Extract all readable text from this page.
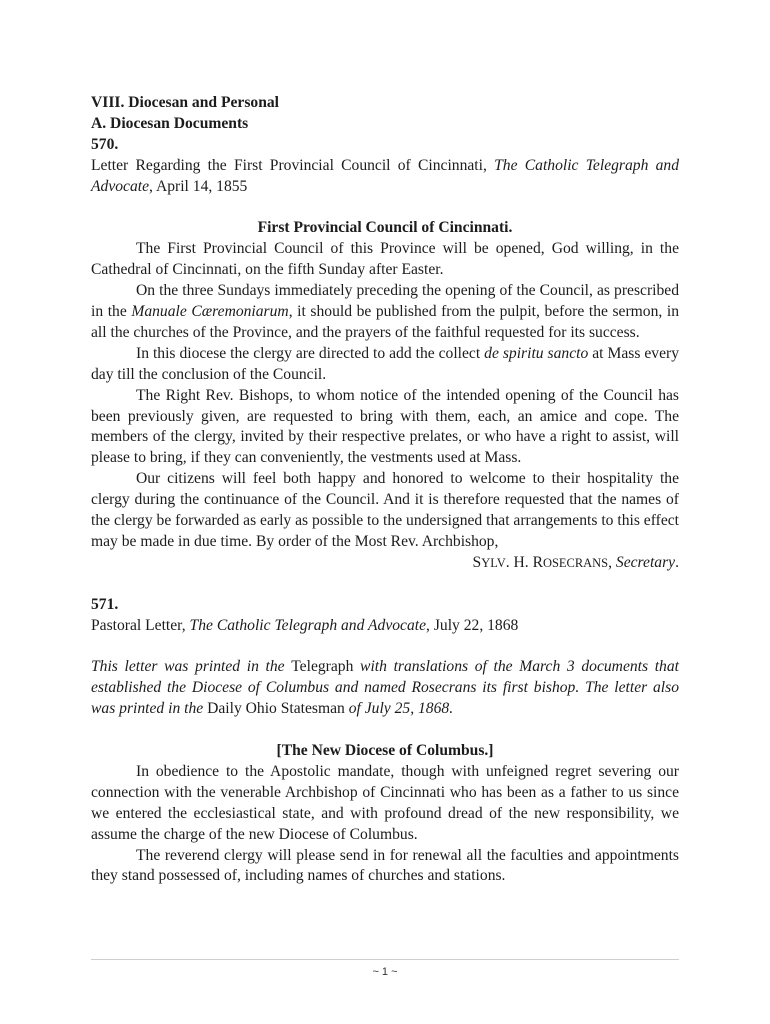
VIII. Diocesan and Personal
A. Diocesan Documents
570.
Letter Regarding the First Provincial Council of Cincinnati, The Catholic Telegraph and Advocate, April 14, 1855
First Provincial Council of Cincinnati.
The First Provincial Council of this Province will be opened, God willing, in the Cathedral of Cincinnati, on the fifth Sunday after Easter.
On the three Sundays immediately preceding the opening of the Council, as prescribed in the Manuale Cæremoniarum, it should be published from the pulpit, before the sermon, in all the churches of the Province, and the prayers of the faithful requested for its success.
In this diocese the clergy are directed to add the collect de spiritu sancto at Mass every day till the conclusion of the Council.
The Right Rev. Bishops, to whom notice of the intended opening of the Council has been previously given, are requested to bring with them, each, an amice and cope. The members of the clergy, invited by their respective prelates, or who have a right to assist, will please to bring, if they can conveniently, the vestments used at Mass.
Our citizens will feel both happy and honored to welcome to their hospitality the clergy during the continuance of the Council. And it is therefore requested that the names of the clergy be forwarded as early as possible to the undersigned that arrangements to this effect may be made in due time. By order of the Most Rev. Archbishop,
SYLV. H. ROSECRANS, Secretary.
571.
Pastoral Letter, The Catholic Telegraph and Advocate, July 22, 1868
This letter was printed in the Telegraph with translations of the March 3 documents that established the Diocese of Columbus and named Rosecrans its first bishop. The letter also was printed in the Daily Ohio Statesman of July 25, 1868.
[The New Diocese of Columbus.]
In obedience to the Apostolic mandate, though with unfeigned regret severing our connection with the venerable Archbishop of Cincinnati who has been as a father to us since we entered the ecclesiastical state, and with profound dread of the new responsibility, we assume the charge of the new Diocese of Columbus.
The reverend clergy will please send in for renewal all the faculties and appointments they stand possessed of, including names of churches and stations.
~ 1 ~
